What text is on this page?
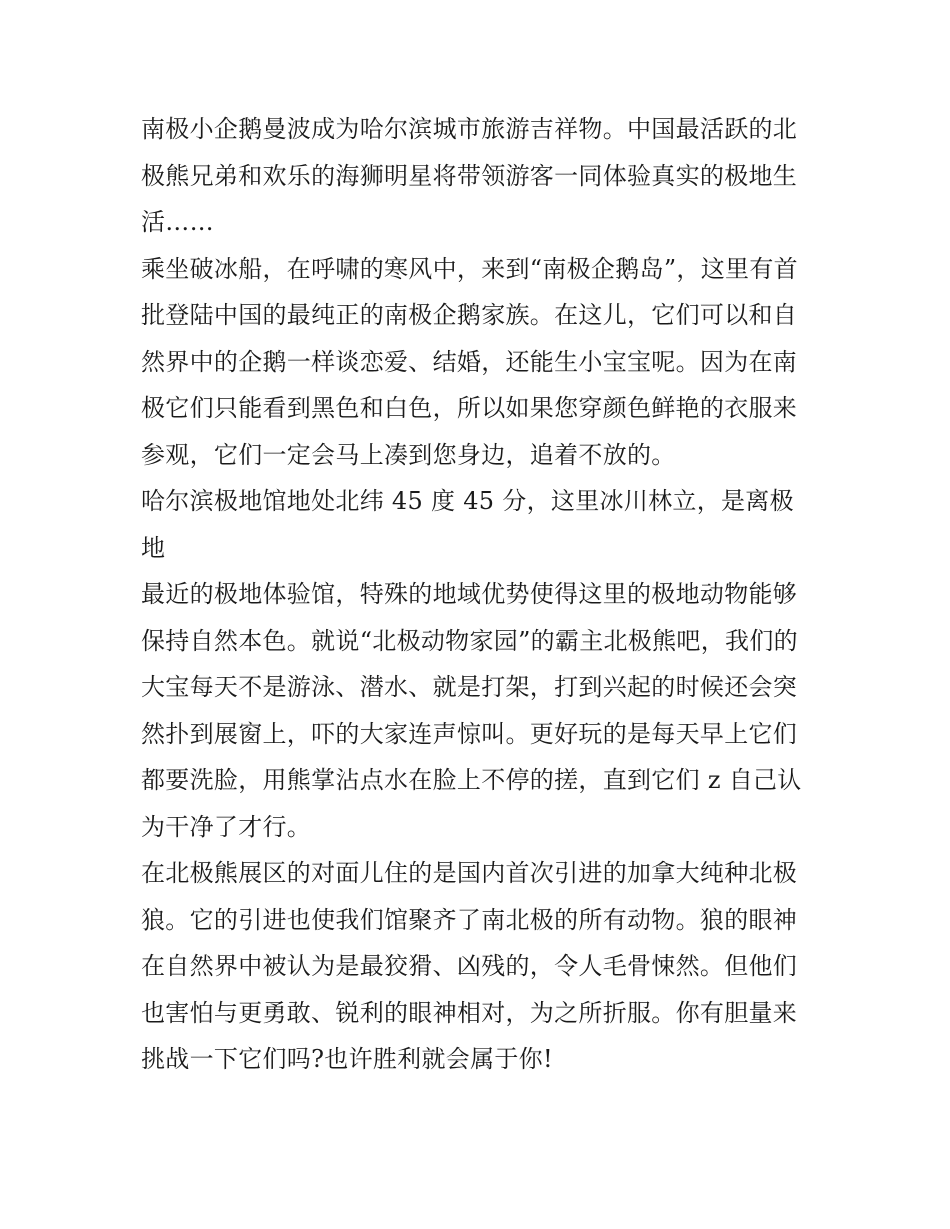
南极小企鹅曼波成为哈尔滨城市旅游吉祥物。中国最活跃的北
极熊兄弟和欢乐的海狮明星将带领游客一同体验真实的极地生
活……

乘坐破冰船，在呼啸的寒风中，来到“南极企鹅岛”，这里有首
批登陆中国的最纯正的南极企鹅家族。在这儿，它们可以和自
然界中的企鹅一样谈恋爱、结婚，还能生小宝宝呢。因为在南
极它们只能看到黑色和白色，所以如果您穿颜色鲜艳的衣服来
参观，它们一定会马上凑到您身边，追着不放的。

哈尔滨极地馆地处北纬 45 度 45 分，这里冰川林立，是离极地
最近的极地体验馆，特殊的地域优势使得这里的极地动物能够
保持自然本色。就说“北极动物家园”的霸主北极熊吧，我们的
大宝每天不是游泳、潜水、就是打架，打到兴起的时候还会突
然扑到展窗上，吓的大家连声惊叫。更好玩的是每天早上它们
都要洗脸，用熊掌沾点水在脸上不停的搓，直到它们 z 自己认
为干净了才行。

在北极熊展区的对面儿住的是国内首次引进的加拿大纯种北极
狼。它的引进也使我们馆聚齐了南北极的所有动物。狼的眼神
在自然界中被认为是最狡猾、凶残的，令人毛骨悚然。但他们
也害怕与更勇敢、锐利的眼神相对，为之所折服。你有胆量来
挑战一下它们吗?也许胜利就会属于你!
